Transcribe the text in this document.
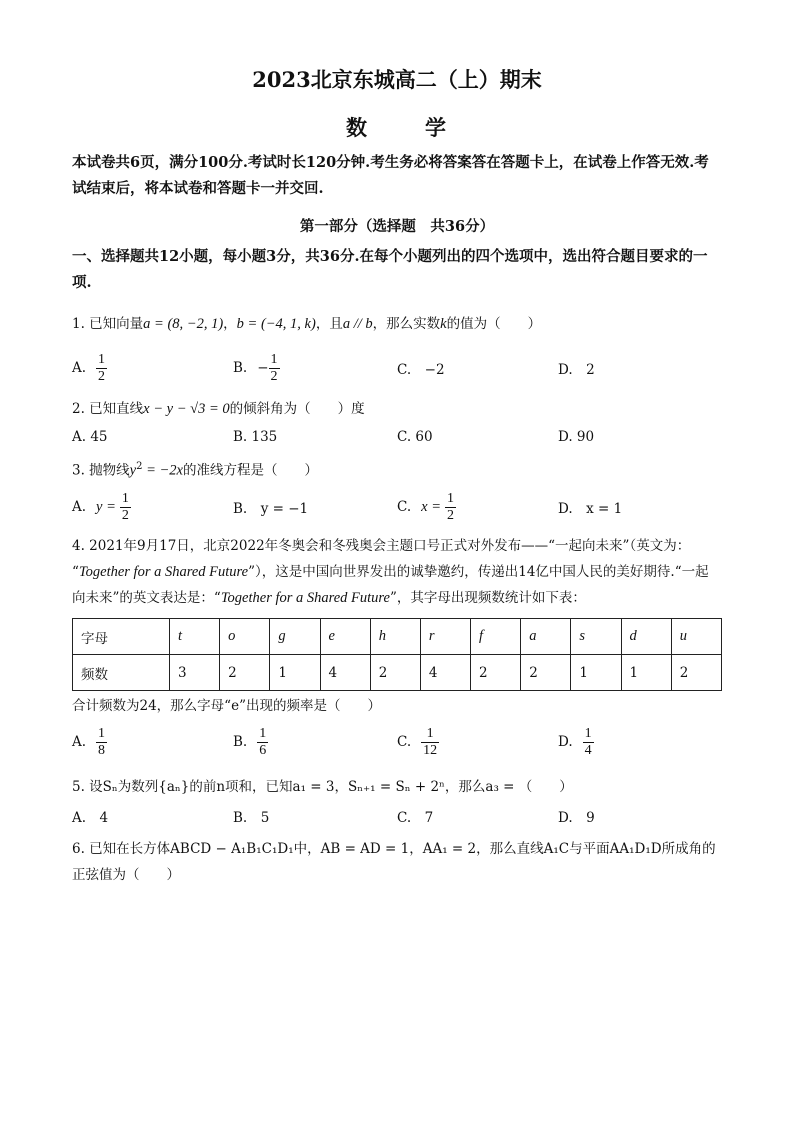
2023北京东城高二（上）期末
数	学
本试卷共6页，满分100分.考试时长120分钟.考生务必将答案答在答题卡上，在试卷上作答无效.考试结束后，将本试卷和答题卡一并交回.
第一部分（选择题　共36分）
一、选择题共12小题，每小题3分，共36分.在每个小题列出的四个选项中，选出符合题目要求的一项.
1. 已知向量a = (8, −2, 1)，b = (−4, 1, k)，且a // b，那么实数k的值为（　　）
A. $\frac{1}{2}$	B. − $\frac{1}{2}$	C.　−2	D.　2
2. 已知直线x − y − √3 = 0的倾斜角为（　　）度
A. 45	B. 135	C. 60	D. 90
3. 抛物线$y^2 = -2x$的准线方程是（　　）
A. $y = \frac{1}{2}$	B.　y = −1	C. $x = \frac{1}{2}$	D.　x = 1
4. 2021年9月17日，北京2022年冬奥会和冬残奥会主题口号正式对外发布——“一起向未来”（英文为：
“Together for a Shared Future”），这是中国向世界发出的诚挚邀约，传递出14亿中国人民的美好期待.“一起
向未来”的英文表达是：“Together for a Shared Future”，其字母出现频数统计如下表：
字母	t	o	g	e	h	r	f	a	s	d	u
频数	3	2	1	4	2	4	2	2	1	1	2
合计频数为24，那么字母“e”出现的频率是（　　）
A. $\frac{1}{8}$	B. $\frac{1}{6}$	C. $\frac{1}{12}$	D. $\frac{1}{4}$
5. 设Sₙ为数列{aₙ}的前n项和，已知a₁ = 3，Sₙ₊₁ = Sₙ + 2ⁿ，那么a₃ = （　　）
A.　4	B.　5	C.　7	D.　9
6. 已知在长方体ABCD − A₁B₁C₁D₁中，AB = AD = 1，AA₁ = 2，那么直线A₁C与平面AA₁D₁D所成角的
正弦值为（　　）
